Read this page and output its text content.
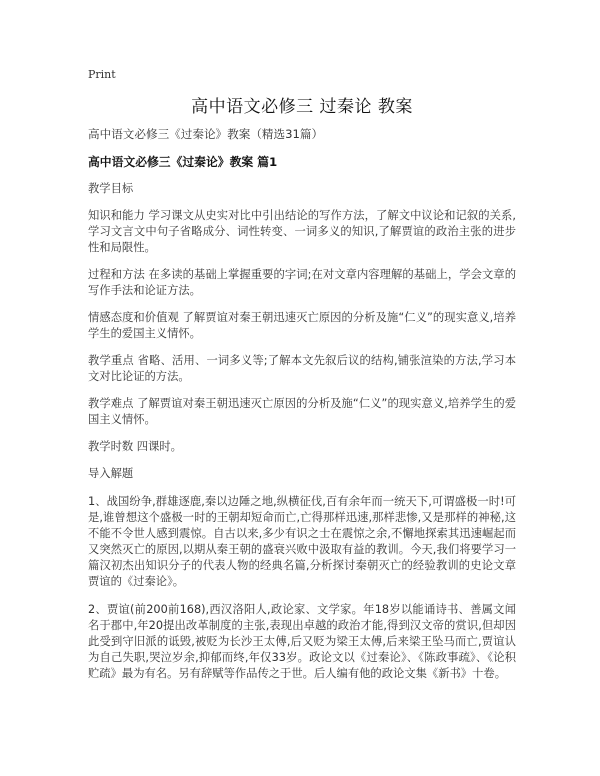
Print
高中语文必修三 过秦论 教案
高中语文必修三《过秦论》教案（精选31篇）
高中语文必修三《过秦论》教案 篇1
教学目标
知识和能力 学习课文从史实对比中引出结论的写作方法，了解文中议论和记叙的关系,学习文言文中句子省略成分、词性转变、一词多义的知识,了解贾谊的政治主张的进步性和局限性。
过程和方法 在多读的基础上掌握重要的字词;在对文章内容理解的基础上，学会文章的写作手法和论证方法。
情感态度和价值观 了解贾谊对秦王朝迅速灭亡原因的分析及施“仁义”的现实意义,培养学生的爱国主义情怀。
教学重点 省略、活用、一词多义等;了解本文先叙后议的结构,铺张渲染的方法,学习本文对比论证的方法。
教学难点 了解贾谊对秦王朝迅速灭亡原因的分析及施“仁义”的现实意义,培养学生的爱国主义情怀。
教学时数 四课时。
导入解题
1、战国纷争,群雄逐鹿,秦以边陲之地,纵横征伐,百有余年而一统天下,可谓盛极一时!可是,谁曾想这个盛极一时的王朝却短命而亡,亡得那样迅速,那样悲惨,又是那样的神秘,这不能不令世人感到震惊。自古以来,多少有识之士在震惊之余,不懈地探索其迅速崛起而又突然灭亡的原因,以期从秦王朝的盛衰兴败中汲取有益的教训。今天,我们将要学习一篇汉初杰出知识分子的代表人物的经典名篇,分析探讨秦朝灭亡的经验教训的史论文章贾谊的《过秦论》。
2、贾谊(前200前168),西汉洛阳人,政论家、文学家。年18岁以能诵诗书、善属文闻名于郡中,年20提出改革制度的主张,表现出卓越的政治才能,得到汉文帝的赏识,但却因此受到守旧派的诋毁,被贬为长沙王太傅,后又贬为梁王太傅,后来梁王坠马而亡,贾谊认为自己失职,哭泣岁余,抑郁而终,年仅33岁。政论文以《过秦论》、《陈政事疏》、《论积贮疏》最为有名。另有辞赋等作品传之于世。后人编有他的政论文集《新书》十卷。
